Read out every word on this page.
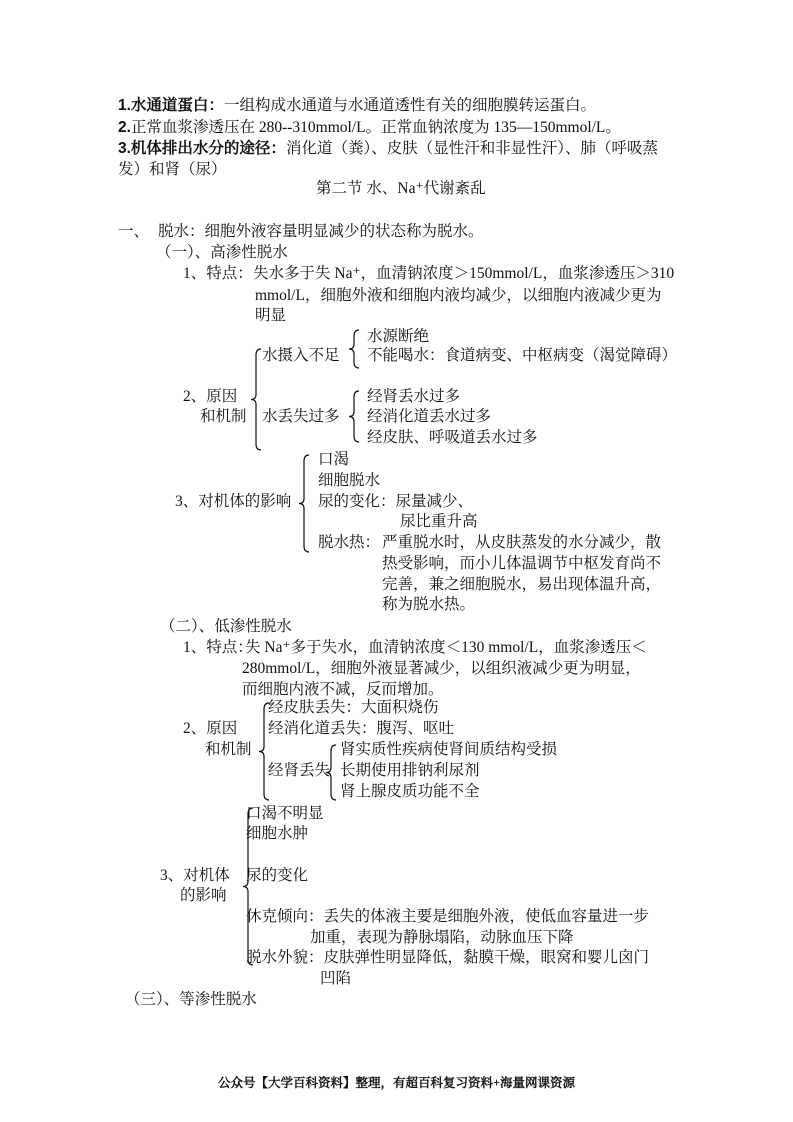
1.水通道蛋白：一组构成水通道与水通道透性有关的细胞膜转运蛋白。
2.正常血浆渗透压在 280--310mmol/L。正常血钠浓度为 135—150mmol/L。
3.机体排出水分的途径：消化道（粪）、皮肤（显性汗和非显性汗）、肺（呼吸蒸
发）和肾（尿）
第二节 水、Na⁺代谢紊乱
一、 脱水：细胞外液容量明显减少的状态称为脱水。
（一）、高渗性脱水
1、特点： 失水多于失 Na⁺，血清钠浓度＞150mmol/L，血浆渗透压＞310
mmol/L，细胞外液和细胞内液均减少，以细胞内液减少更为
明显
水源断绝
水摄入不足 不能喝水：食道病变、中枢病变（渴觉障碍）
2、原因	经肾丢水过多
和机制 水丢失过多 经消化道丢水过多
经皮肤、呼吸道丢水过多
口渴
细胞脱水
3、对机体的影响 尿的变化：尿量减少、
尿比重升高
脱水热： 严重脱水时，从皮肤蒸发的水分减少，散
热受影响，而小儿体温调节中枢发育尚不
完善，兼之细胞脱水，易出现体温升高，
称为脱水热。
（二）、低渗性脱水
1、特点：
失 Na⁺多于失水，血清钠浓度＜130 mmol/L，血浆渗透压＜
280mmol/L，细胞外液显著减少，以组织液减少更为明显，
而细胞内液不减，反而增加。
经皮肤丢失：大面积烧伤
2、原因 经消化道丢失：腹泻、呕吐
和机制	肾实质性疾病使肾间质结构受损
经肾丢失 长期使用排钠利尿剂
肾上腺皮质功能不全
口渴不明显
细胞水肿
3、对机体 尿的变化
的影响
休克倾向：丢失的体液主要是细胞外液，使低血容量进一步
加重，表现为静脉塌陷，动脉血压下降
脱水外貌：皮肤弹性明显降低，黏膜干燥，眼窝和婴儿囟门
凹陷
（三）、等渗性脱水
公众号【大学百科资料】整理，有超百科复习资料+海量网课资源
